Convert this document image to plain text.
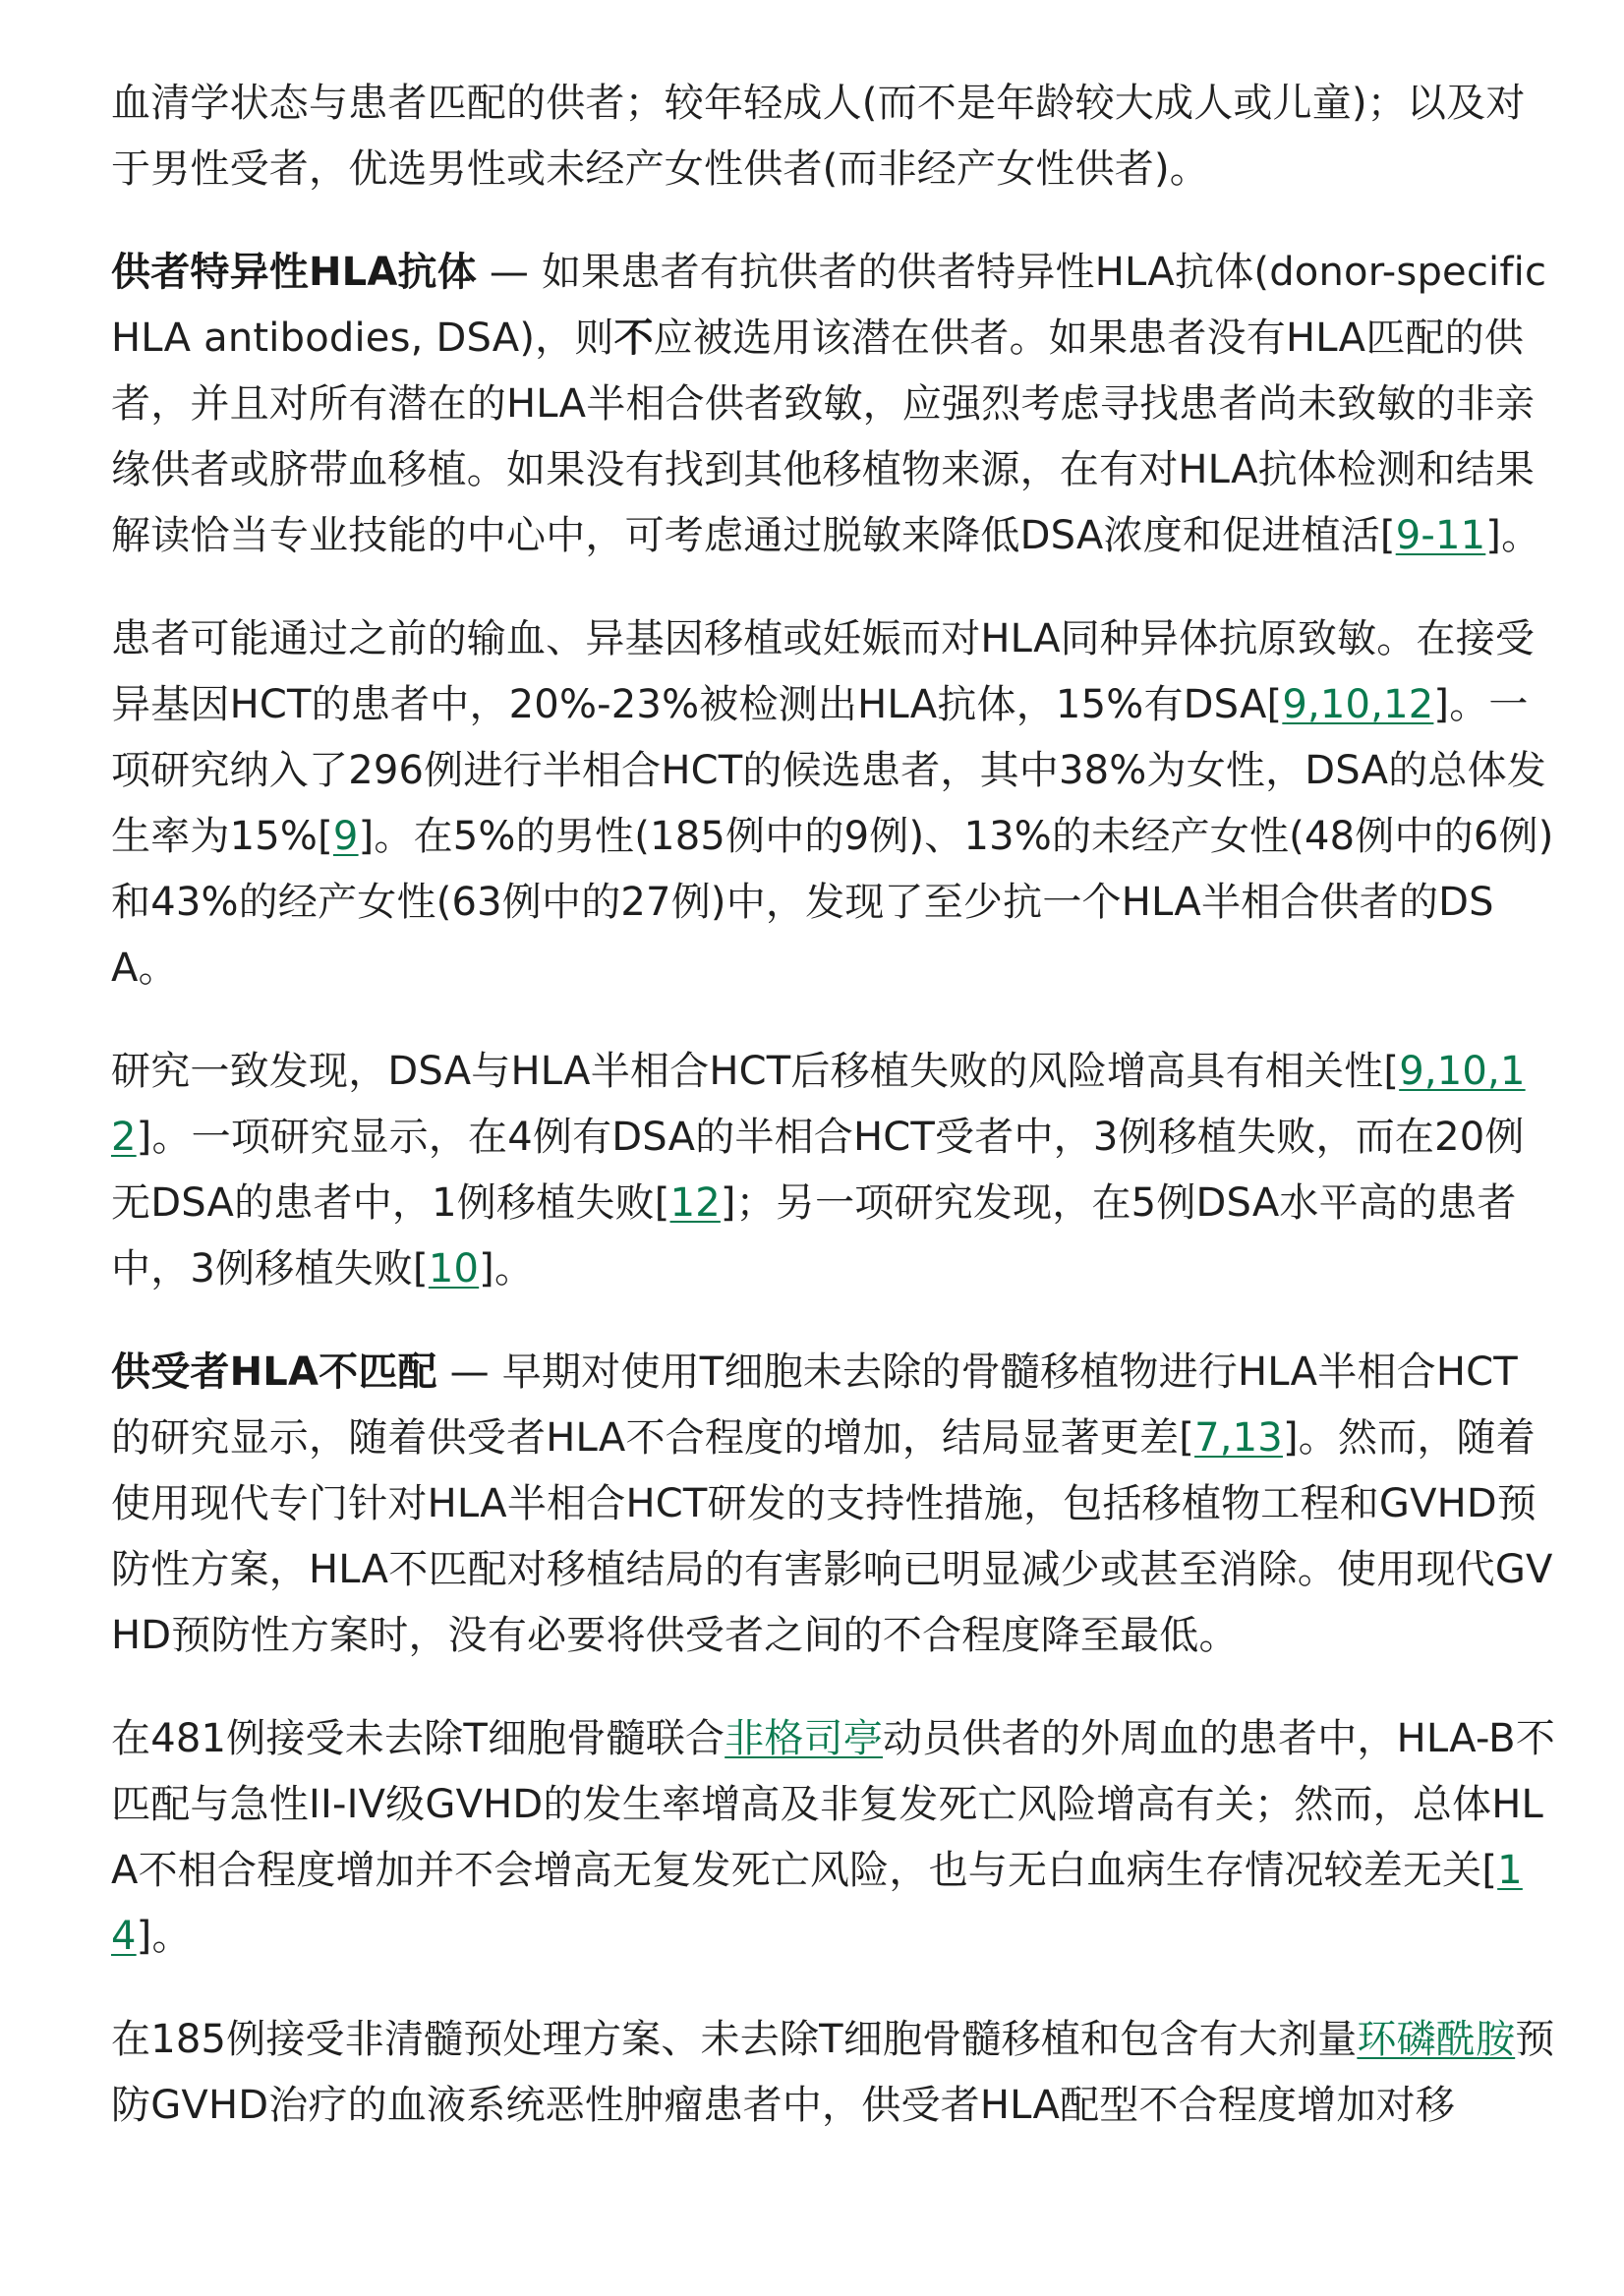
血清学状态与患者匹配的供者；较年轻成人(而不是年龄较大成人或儿童)；以及对于男性受者，优选男性或未经产女性供者(而非经产女性供者)。

供者特异性HLA抗体 — 如果患者有抗供者的供者特异性HLA抗体(donor-specific HLA antibodies, DSA)，则不应被选用该潜在供者。如果患者没有HLA匹配的供者，并且对所有潜在的HLA半相合供者致敏，应强烈考虑寻找患者尚未致敏的非亲缘供者或脐带血移植。如果没有找到其他移植物来源，在有对HLA抗体检测和结果解读恰当专业技能的中心中，可考虑通过脱敏来降低DSA浓度和促进植活[9-11]。

患者可能通过之前的输血、异基因移植或妊娠而对HLA同种异体抗原致敏。在接受异基因HCT的患者中，20%-23%被检测出HLA抗体，15%有DSA[9,10,12]。一项研究纳入了296例进行半相合HCT的候选患者，其中38%为女性，DSA的总体发生率为15%[9]。在5%的男性(185例中的9例)、13%的未经产女性(48例中的6例)和43%的经产女性(63例中的27例)中，发现了至少抗一个HLA半相合供者的DSA。

研究一致发现，DSA与HLA半相合HCT后移植失败的风险增高具有相关性[9,10,12]。一项研究显示，在4例有DSA的半相合HCT受者中，3例移植失败，而在20例无DSA的患者中，1例移植失败[12]；另一项研究发现，在5例DSA水平高的患者中，3例移植失败[10]。

供受者HLA不匹配 — 早期对使用T细胞未去除的骨髓移植物进行HLA半相合HCT的研究显示，随着供受者HLA不合程度的增加，结局显著更差[7,13]。然而，随着使用现代专门针对HLA半相合HCT研发的支持性措施，包括移植物工程和GVHD预防性方案，HLA不匹配对移植结局的有害影响已明显减少或甚至消除。使用现代GVHD预防性方案时，没有必要将供受者之间的不合程度降至最低。

在481例接受未去除T细胞骨髓联合非格司亭动员供者的外周血的患者中，HLA-B不匹配与急性II-IV级GVHD的发生率增高及非复发死亡风险增高有关；然而，总体HLA不相合程度增加并不会增高无复发死亡风险，也与无白血病生存情况较差无关[14]。

在185例接受非清髓预处理方案、未去除T细胞骨髓移植和包含有大剂量环磷酰胺预防GVHD治疗的血液系统恶性肿瘤患者中，供受者HLA配型不合程度增加对移
